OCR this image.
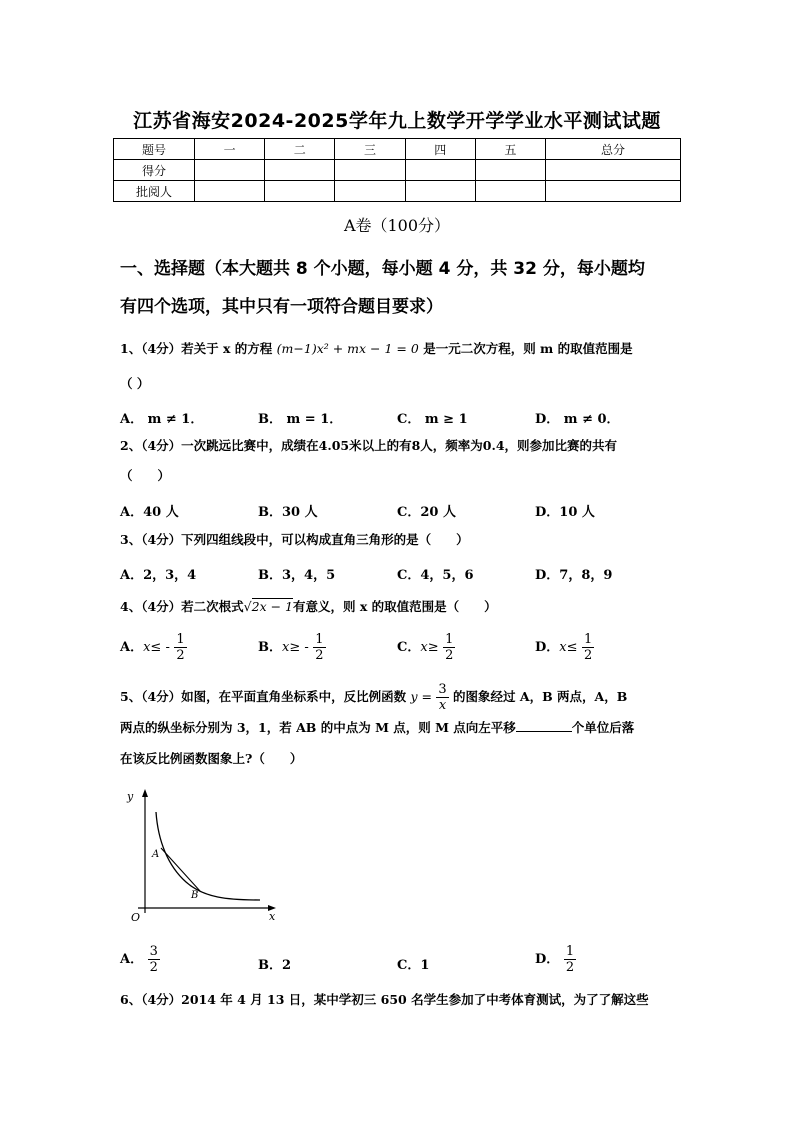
江苏省海安2024-2025学年九上数学开学学业水平测试试题
题号	一	二	三	四	五	总分
得分						
批阅人						
A卷（100分）
一、选择题（本大题共 8 个小题，每小题 4 分，共 32 分，每小题均
有四个选项，其中只有一项符合题目要求）
1、（4分）若关于 x 的方程 (m−1)x² + mx − 1 = 0 是一元二次方程，则 m 的取值范围是
（ ）
A． m ≠ 1．	B． m = 1．	C． m ≥ 1	D． m ≠ 0．
2、（4分）一次跳远比赛中，成绩在4.05米以上的有8人，频率为0.4，则参加比赛的共有
（　　）
A．40 人	B．30 人	C．20 人	D．10 人
3、（4分）下列四组线段中，可以构成直角三角形的是（　　）
A．2，3，4	B．3，4，5	C．4，5，6	D．7，8，9
4、（4分）若二次根式√2x − 1有意义，则 x 的取值范围是（　　）
A．$x\le - \frac{1}{2}$	B．$x\ge - \frac{1}{2}$	C．$x\ge \frac{1}{2}$	D．$x\le \frac{1}{2}$
5、（4分）如图，在平面直角坐标系中，反比例函数 $y = \frac{3}{x}$ 的图象经过 A，B 两点，A，B
两点的纵坐标分别为 3，1，若 AB 的中点为 M 点，则 M 点向左平移	个单位后落
在该反比例函数图象上?（　　）
y
x
O
A
B
A． $\frac{3}{2}$	B．2	C．1	D． $\frac{1}{2}$
6、（4分）2014 年 4 月 13 日，某中学初三 650 名学生参加了中考体育测试，为了了解这些
